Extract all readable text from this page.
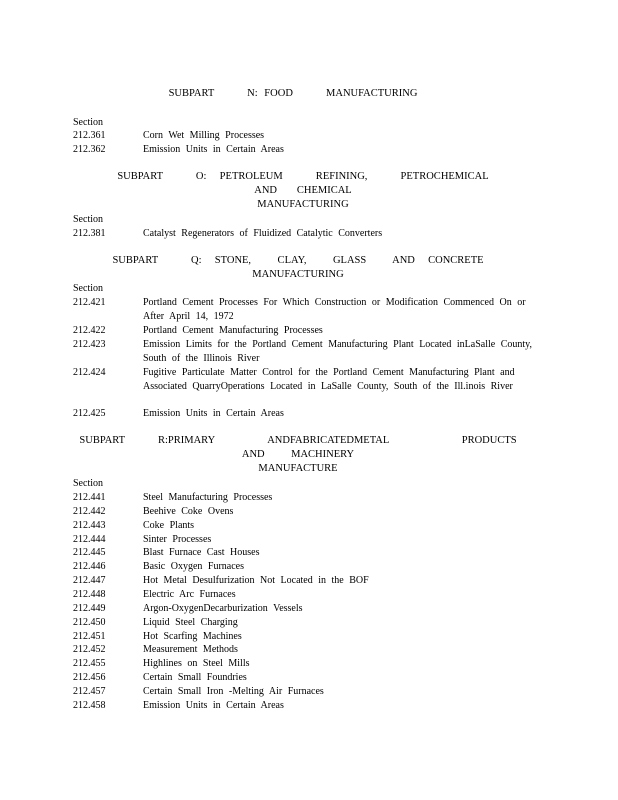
SUBPART     N: FOOD     MANUFACTURING
Section
212.361	Corn Wet Milling Processes
212.362	Emission Units in Certain Areas
SUBPART     O:  PETROLEUM     REFINING,     PETROCHEMICAL         AND   CHEMICAL
MANUFACTURING
Section
212.381	Catalyst Regenerators of Fluidized Catalytic Converters
SUBPART     Q:  STONE,    CLAY,    GLASS    AND  CONCRETE      MANUFACTURING
Section
212.421	Portland Cement Processes For Which Construction or Modification Commenced On or After April 14, 1972
212.422	Portland Cement Manufacturing Processes
212.423	Emission Limits for the Portland Cement Manufacturing Plant Located inLaSalle County, South of the Illinois River
212.424	Fugitive Particulate Matter Control for the Portland Cement Manufacturing Plant and Associated QuarryOperations Located in LaSalle County, South of the Ill.inois River
212.425	Emission Units in Certain Areas
SUBPART     R:PRIMARY        ANDFABRICATEDMETAL           PRODUCTS       AND    MACHINERY
MANUFACTURE
Section
212.441	Steel Manufacturing Processes
212.442	Beehive Coke Ovens
212.443	Coke Plants
212.444	Sinter Processes
212.445	Blast Furnace Cast Houses
212.446	Basic Oxygen Furnaces
212.447	Hot Metal Desulfurization Not Located in the BOF
212.448	Electric Arc Furnaces
212.449	Argon-OxygenDecarburization Vessels
212.450	Liquid Steel Charging
212.451	Hot Scarfing Machines
212.452	Measurement Methods
212.455	Highlines on Steel Mills
212.456	Certain Small Foundries
212.457	Certain Small Iron -Melting Air Furnaces
212.458	Emission Units in Certain Areas
